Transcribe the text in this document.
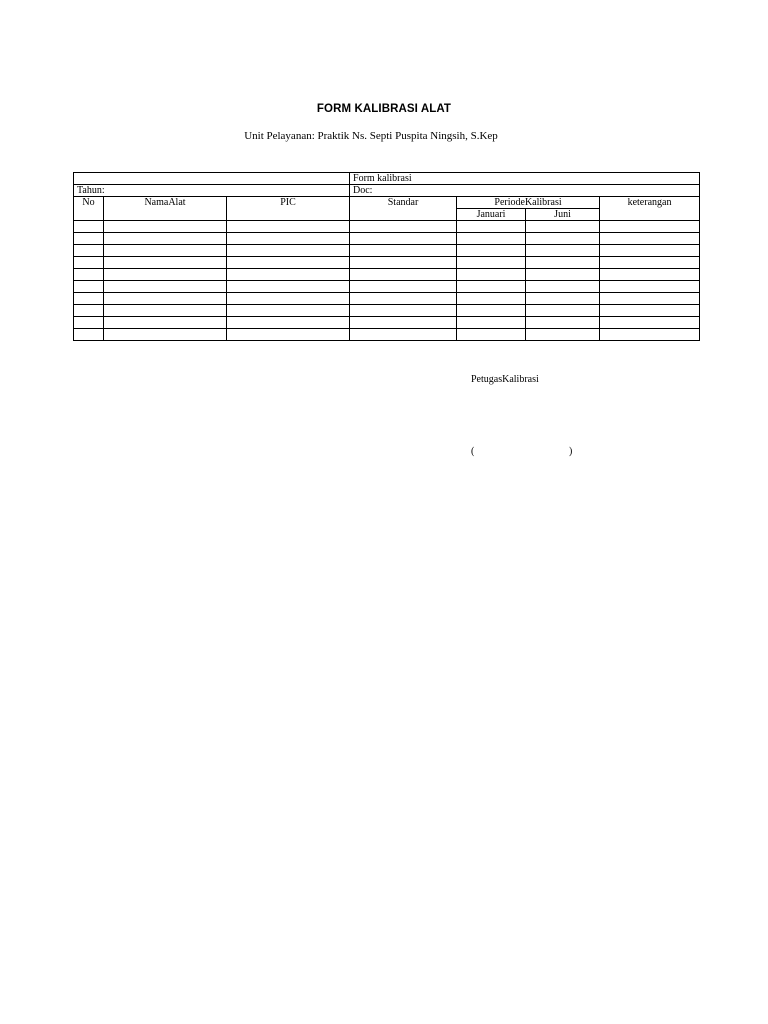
FORM KALIBRASI ALAT
Unit Pelayanan: Praktik Ns. Septi Puspita Ningsih, S.Kep
			Form kalibrasi			
Tahun:			Doc:			
No	NamaAlat	PIC	Standar	PeriodeKalibrasi		keterangan
				Januari	Juni	

PetugasKalibrasi
(	)
